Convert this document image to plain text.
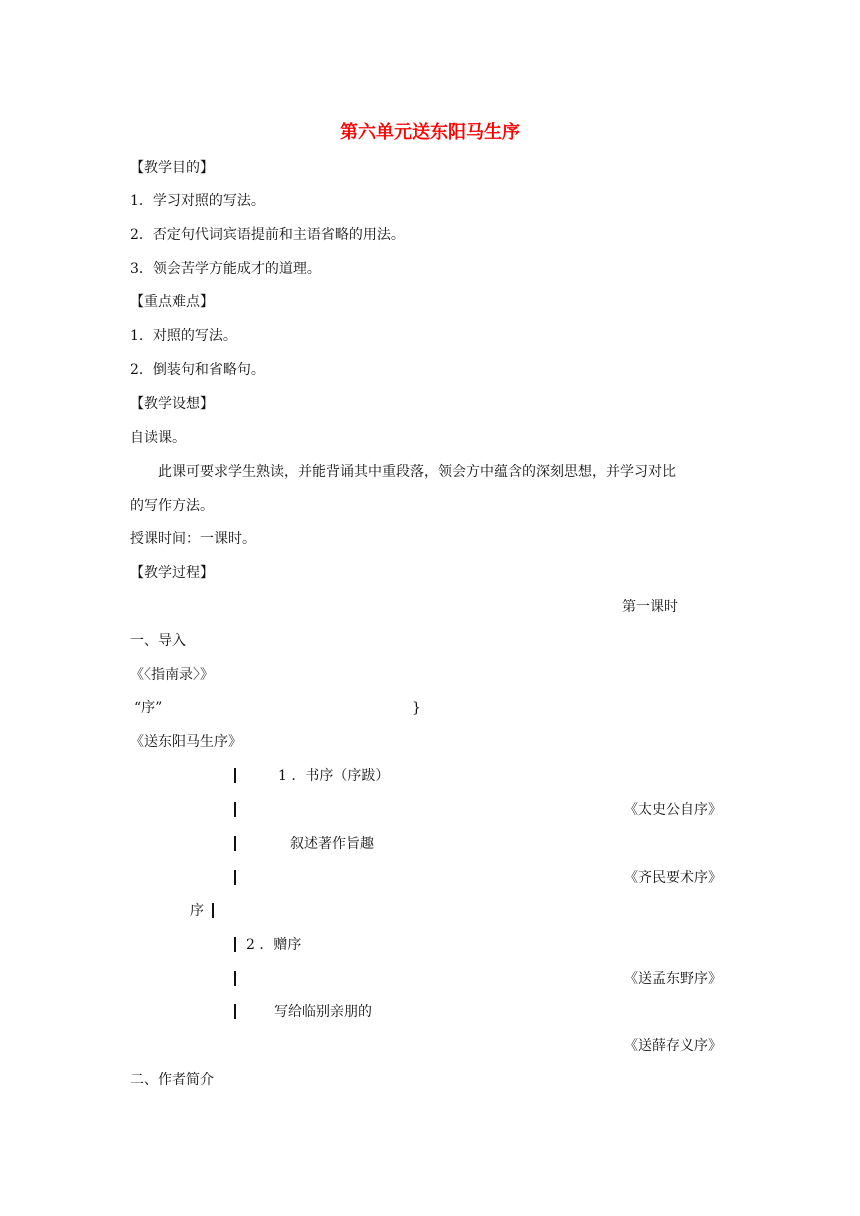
第六单元送东阳马生序
【教学目的】
1．学习对照的写法。
2．否定句代词宾语提前和主语省略的用法。
3．领会苦学方能成才的道理。
【重点难点】
1．对照的写法。
2．倒装句和省略句。
【教学设想】
自读课。
此课可要求学生熟读，并能背诵其中重段落，领会方中蕴含的深刻思想，并学习对比
的写作方法。
授课时间：一课时。
【教学过程】
第一课时
一、导入
《〈指南录〉》
“序”	}
《送东阳马生序》
1 ．书序（序跋）
《太史公自序》
叙述著作旨趣
《齐民要术序》
序
2 ．赠序
《送孟东野序》
写给临别亲朋的
《送薛存义序》
二、作者简介
